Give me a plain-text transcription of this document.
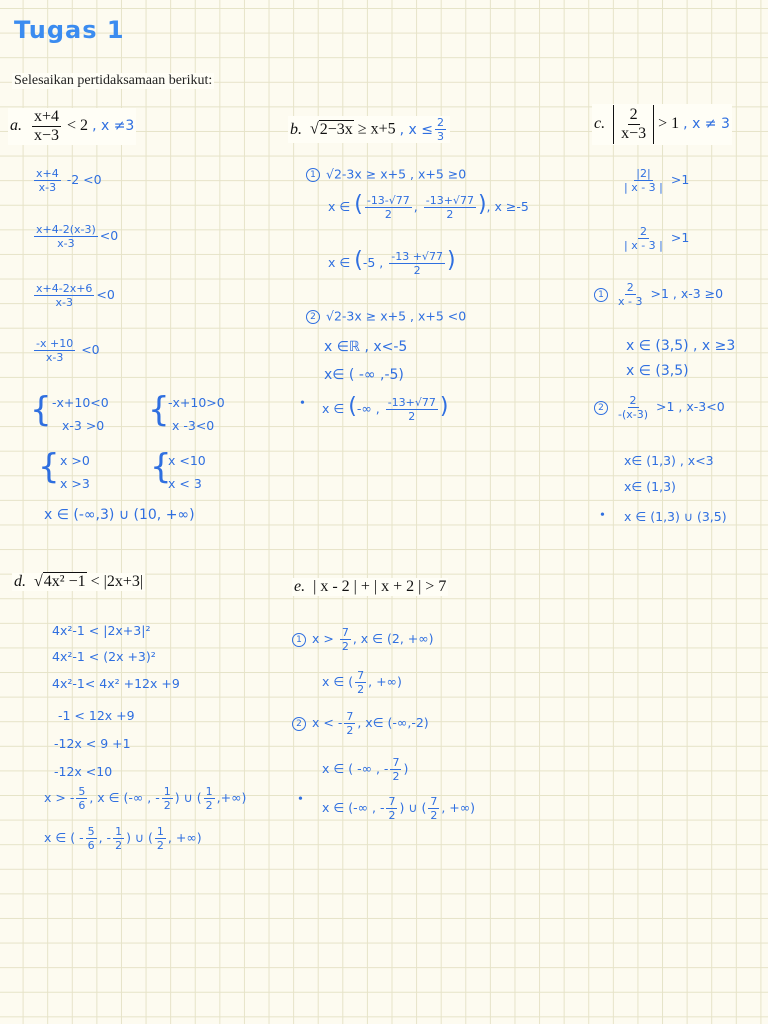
Tugas 1
Selesaikan pertidaksamaan berikut:
a. $\frac{x+4}{x-3} < 2$ , x ≠3	b. √2−3x ≥ x+5 , $x \le \frac{2}{3}$	c. $\frac{2}{x-3} > 1$ , x ≠ 3
d. √4x² −1 < |2x+3|	e. | x - 2 | + | x + 2 | > 7
$\frac{x+4}{x-3} -2 <0$
$\frac{x+4-2(x-3)}{x-3} <0$
$\frac{x+4-2x+6}{x-3} <0$
$\frac{-x +10}{x-3} <0$
{ -x+10<0
x-3 >0 {
-x+10>0
x -3<0
{ x >0
x >3 {
x <10
x < 3
x ∈ (-∞,3) ∪ (10, +∞)
1 √2-3x ≥ x+5 , x+5 ≥0
x ∈ ( $\frac{-13-√77}{2}$ , $\frac{-13+√77}{2}$ ), x ≥-5
x ∈ (-5 , $\frac{-13 +√77}{2}$ )
2 √2-3x ≥ x+5 , x+5 <0
x ∈ℝ , x<-5
x∈ ( -∞ ,-5)
• x ∈ (-∞ , $\frac{-13+√77}{2}$ )
$\frac{|2|}{| x - 3 |} >1$
$\frac{2}{| x - 3 |} >1$
$1 \frac{2}{x - 3} >1$ , x-3 ≥0
x ∈ (3,5) , x ≥3
x ∈ (3,5)
$2 \frac{2}{-(x-3)} >1$ , x-3<0
x∈ (1,3) , x<3
x∈ (1,3)
• x ∈ (1,3) ∪ (3,5)
4x²-1 < |2x+3|²
4x²-1 < (2x +3)²
4x²-1< 4x² +12x +9
-1 < 12x +9
-12x < 9 +1
-12x <10
x > - $\frac{5}{6}$ , x ∈ (-∞ , - $\frac{1}{2}$ ) ∪ ( $\frac{1}{2}$ ,+∞)
x ∈ ( - $\frac{5}{6}$ , - $\frac{1}{2}$ ) ∪ ( $\frac{1}{2}$ , +∞)
1 $x > \frac{7}{2}$ , x ∈ (2, +∞)
x ∈ ( $\frac{7}{2}$ , +∞)
2 x < - $\frac{7}{2}$ , x∈ (-∞,-2)
x ∈ ( -∞ , - $\frac{7}{2}$ )
•
x ∈ (-∞ , - $\frac{7}{2}$ ) ∪ ( $\frac{7}{2}$ , +∞)
